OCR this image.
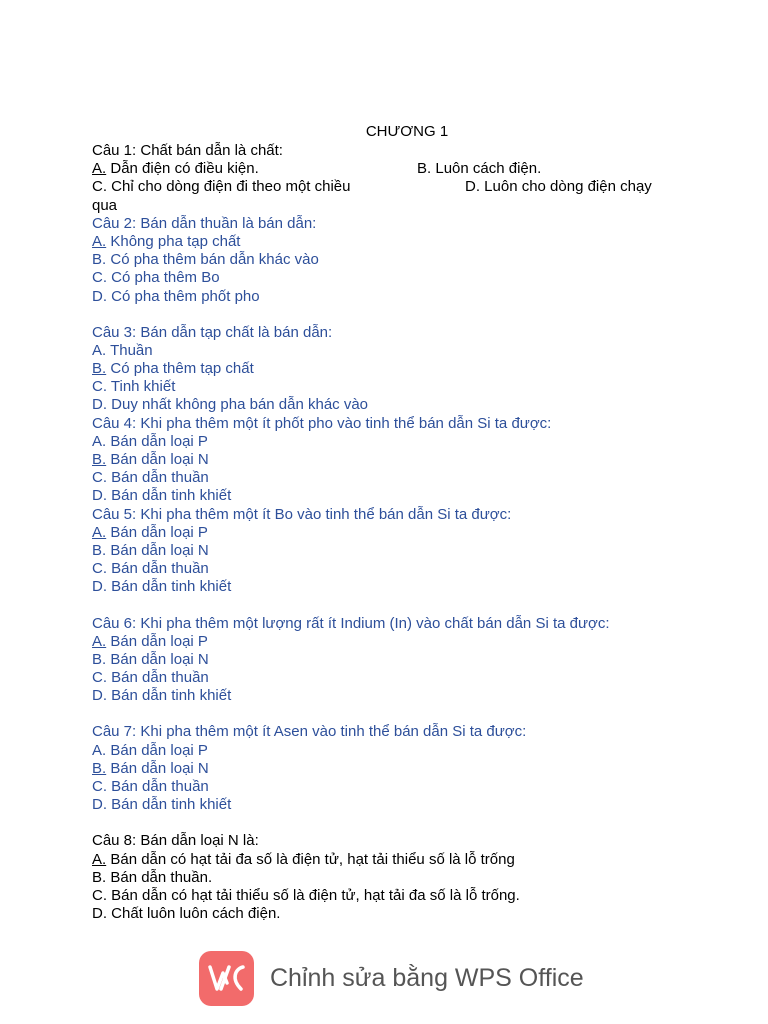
CHƯƠNG 1
Câu 1: Chất bán dẫn là chất:
A. Dẫn điện có điều kiện.	B. Luôn cách điện.
C. Chỉ cho dòng điện đi theo một chiều	D. Luôn cho dòng điện chạy
qua
Câu 2: Bán dẫn thuần là bán dẫn:
A. Không pha tạp chất
B. Có pha thêm bán dẫn khác vào
C. Có pha thêm Bo
D. Có pha thêm phốt pho
Câu 3: Bán dẫn tạp chất là bán dẫn:
A. Thuần
B. Có pha thêm tạp chất
C. Tinh khiết
D. Duy nhất không pha bán dẫn khác vào
Câu 4: Khi pha thêm một ít phốt pho vào tinh thể bán dẫn Si ta được:
A. Bán dẫn loại P
B. Bán dẫn loại N
C. Bán dẫn thuần
D. Bán dẫn tinh khiết
Câu 5: Khi pha thêm một ít Bo vào tinh thể bán dẫn Si ta được:
A. Bán dẫn loại P
B. Bán dẫn loại N
C. Bán dẫn thuần
D. Bán dẫn tinh khiết
Câu 6: Khi pha thêm một lượng rất ít Indium (In) vào chất bán dẫn Si ta được:
A. Bán dẫn loại P
B. Bán dẫn loại N
C. Bán dẫn thuần
D. Bán dẫn tinh khiết
Câu 7: Khi pha thêm một ít Asen vào tinh thể bán dẫn Si ta được:
A. Bán dẫn loại P
B. Bán dẫn loại N
C. Bán dẫn thuần
D. Bán dẫn tinh khiết
Câu 8: Bán dẫn loại N là:
A. Bán dẫn có hạt tải đa số là điện tử, hạt tải thiểu số là lỗ trống
B. Bán dẫn thuần.
C. Bán dẫn có hạt tải thiểu số là điện tử, hạt tải đa số là lỗ trống.
D. Chất luôn luôn cách điện.
Chỉnh sửa bằng WPS Office
